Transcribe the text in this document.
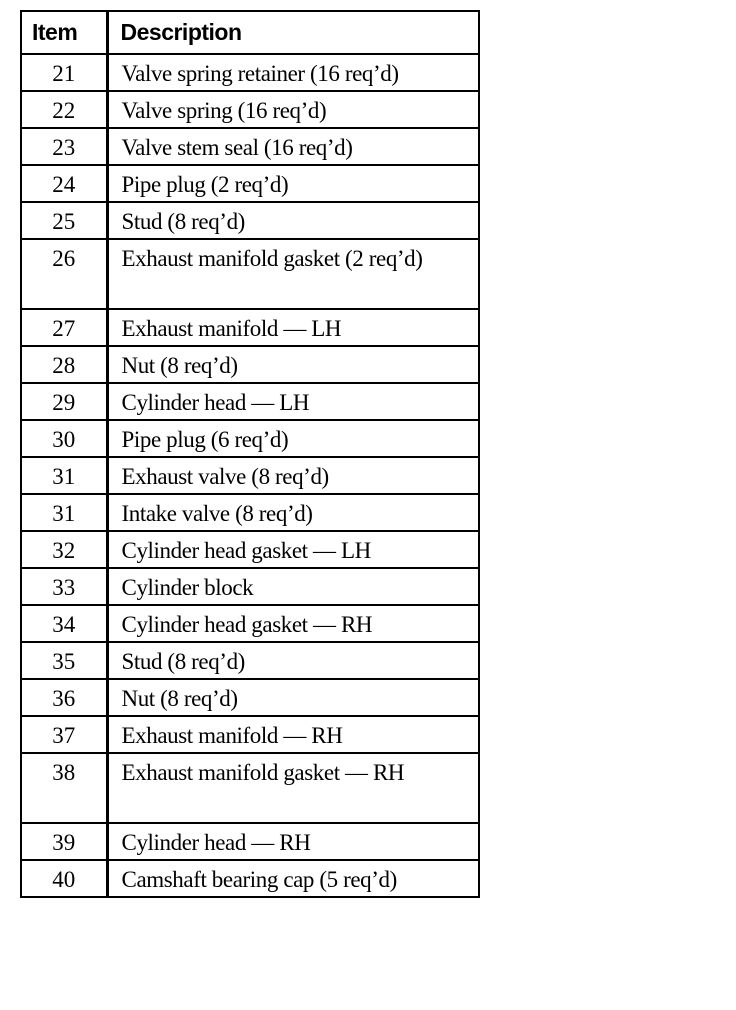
Item	Description
21	Valve spring retainer (16 req’d)
22	Valve spring (16 req’d)
23	Valve stem seal (16 req’d)
24	Pipe plug (2 req’d)
25	Stud (8 req’d)
26	Exhaust manifold gasket (2 req’d)
27	Exhaust manifold — LH
28	Nut (8 req’d)
29	Cylinder head — LH
30	Pipe plug (6 req’d)
31	Exhaust valve (8 req’d)
31	Intake valve (8 req’d)
32	Cylinder head gasket — LH
33	Cylinder block
34	Cylinder head gasket — RH
35	Stud (8 req’d)
36	Nut (8 req’d)
37	Exhaust manifold — RH
38	Exhaust manifold gasket — RH
39	Cylinder head — RH
40	Camshaft bearing cap (5 req’d)
